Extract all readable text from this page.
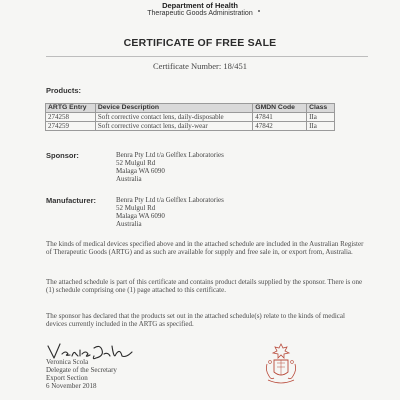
Department of Health
Therapeutic Goods Administration
CERTIFICATE OF FREE SALE
Certificate Number: 18/451
Products:
ARTG Entry	Device Description	GMDN Code	Class
274258	Soft corrective contact lens, daily-disposable	47841	IIa
274259	Soft corrective contact lens, daily-wear	47842	IIa
Sponsor:	Benra Pty Ltd t/a Gelflex Laboratories
52 Mulgul Rd
Malaga WA 6090
Australia
Manufacturer:	Benra Pty Ltd t/a Gelflex Laboratories
52 Mulgul Rd
Malaga WA 6090
Australia
The kinds of medical devices specified above and in the attached schedule are included in the Australian Register of Therapeutic Goods (ARTG) and as such are available for supply and free sale in, or export from, Australia.
The attached schedule is part of this certificate and contains product details supplied by the sponsor. There is one (1) schedule comprising one (1) page attached to this certificate.
The sponsor has declared that the products set out in the attached schedule(s) relate to the kinds of medical devices currently included in the ARTG as specified.
Veronica Scola
Delegate of the Secretary
Export Section
6 November 2018
